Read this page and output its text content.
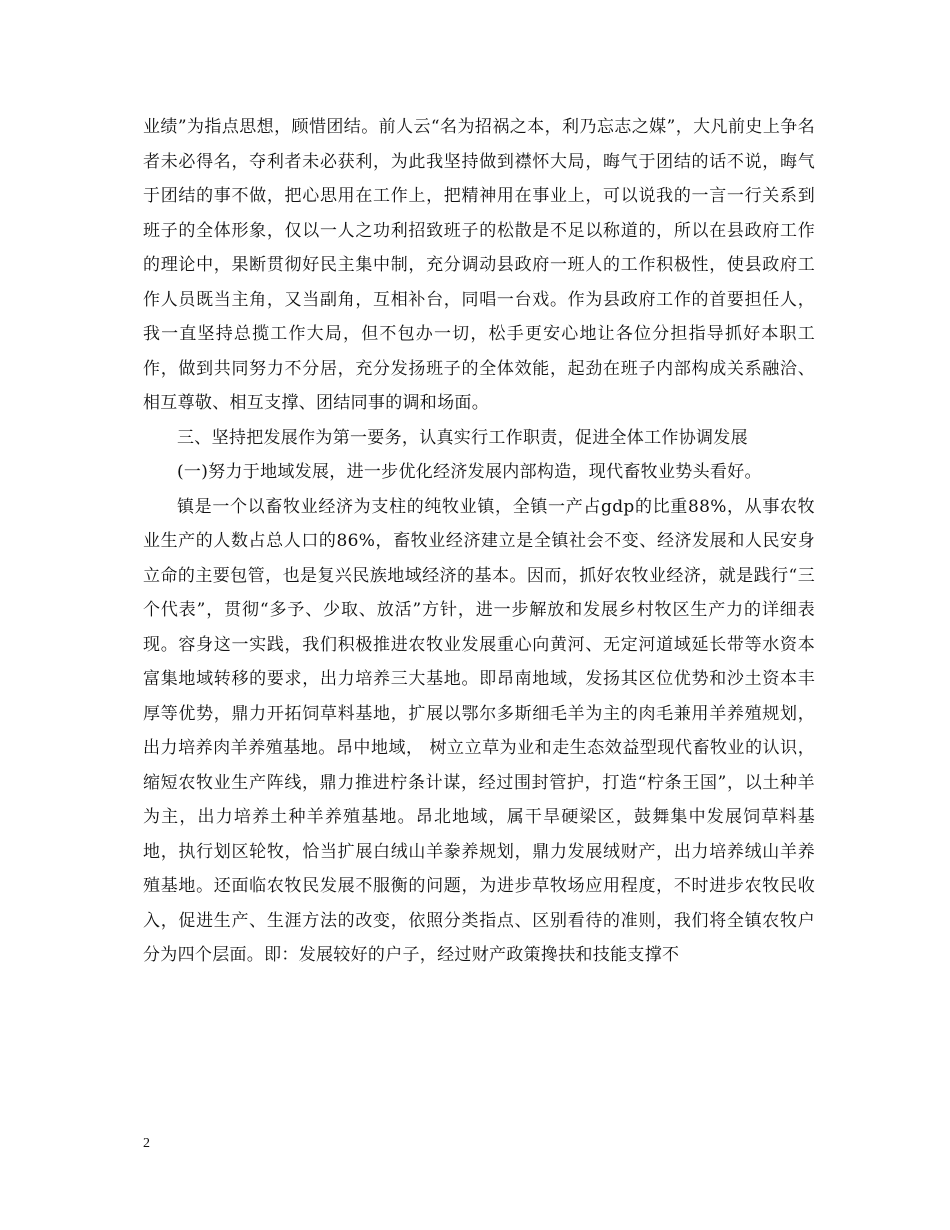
业绩”为指点思想，顾惜团结。前人云“名为招祸之本，利乃忘志之媒”，大凡前史上争名者未必得名，夺利者未必获利，为此我坚持做到襟怀大局，晦气于团结的话不说，晦气于团结的事不做，把心思用在工作上，把精神用在事业上，可以说我的一言一行关系到班子的全体形象，仅以一人之功利招致班子的松散是不足以称道的，所以在县政府工作的理论中，果断贯彻好民主集中制，充分调动县政府一班人的工作积极性，使县政府工作人员既当主角，又当副角，互相补台，同唱一台戏。作为县政府工作的首要担任人，我一直坚持总揽工作大局，但不包办一切，松手更安心地让各位分担指导抓好本职工作，做到共同努力不分居，充分发扬班子的全体效能，起劲在班子内部构成关系融洽、相互尊敬、相互支撑、团结同事的调和场面。

三、坚持把发展作为第一要务，认真实行工作职责，促进全体工作协调发展

(一)努力于地域发展，进一步优化经济发展内部构造，现代畜牧业势头看好。

镇是一个以畜牧业经济为支柱的纯牧业镇，全镇一产占gdp的比重88%，从事农牧业生产的人数占总人口的86%，畜牧业经济建立是全镇社会不变、经济发展和人民安身立命的主要包管，也是复兴民族地域经济的基本。因而，抓好农牧业经济，就是践行“三个代表”，贯彻“多予、少取、放活”方针，进一步解放和发展乡村牧区生产力的详细表现。容身这一实践，我们积极推进农牧业发展重心向黄河、无定河道域延长带等水资本富集地域转移的要求，出力培养三大基地。即昂南地域，发扬其区位优势和沙土资本丰厚等优势，鼎力开拓饲草料基地，扩展以鄂尔多斯细毛羊为主的肉毛兼用羊养殖规划，出力培养肉羊养殖基地。昂中地域， 树立立草为业和走生态效益型现代畜牧业的认识，缩短农牧业生产阵线，鼎力推进柠条计谋，经过围封管护，打造“柠条王国”，以土种羊为主，出力培养土种羊养殖基地。昂北地域，属干旱硬梁区，鼓舞集中发展饲草料基地，执行划区轮牧，恰当扩展白绒山羊豢养规划，鼎力发展绒财产，出力培养绒山羊养殖基地。还面临农牧民发展不服衡的问题，为进步草牧场应用程度，不时进步农牧民收入，促进生产、生涯方法的改变，依照分类指点、区别看待的准则，我们将全镇农牧户分为四个层面。即：发展较好的户子，经过财产政策搀扶和技能支撑不

2
